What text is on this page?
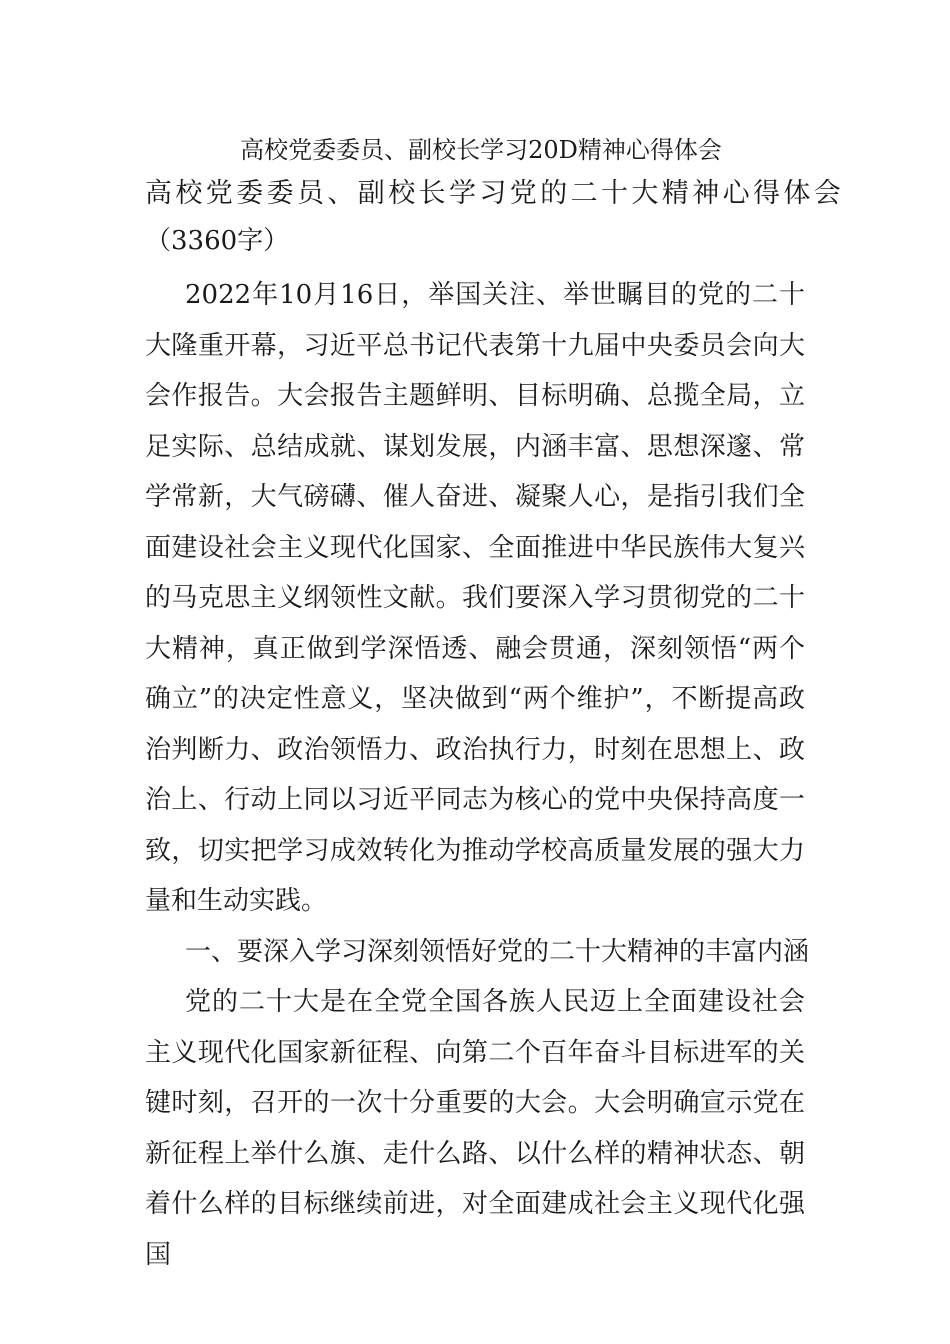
高校党委委员、副校长学习20D精神心得体会
高校党委委员、副校长学习党的二十大精神心得体会

（3360字）

2022年10月16日，举国关注、举世瞩目的党的二十大隆重开幕，习近平总书记代表第十九届中央委员会向大会作报告。大会报告主题鲜明、目标明确、总揽全局，立足实际、总结成就、谋划发展，内涵丰富、思想深邃、常学常新，大气磅礴、催人奋进、凝聚人心，是指引我们全面建设社会主义现代化国家、全面推进中华民族伟大复兴的马克思主义纲领性文献。我们要深入学习贯彻党的二十大精神，真正做到学深悟透、融会贯通，深刻领悟“两个确立”的决定性意义，坚决做到“两个维护”，不断提高政治判断力、政治领悟力、政治执行力，时刻在思想上、政治上、行动上同以习近平同志为核心的党中央保持高度一致，切实把学习成效转化为推动学校高质量发展的强大力量和生动实践。

一、要深入学习深刻领悟好党的二十大精神的丰富内涵

党的二十大是在全党全国各族人民迈上全面建设社会主义现代化国家新征程、向第二个百年奋斗目标进军的关键时刻，召开的一次十分重要的大会。大会明确宣示党在新征程上举什么旗、走什么路、以什么样的精神状态、朝着什么样的目标继续前进，对全面建成社会主义现代化强国
